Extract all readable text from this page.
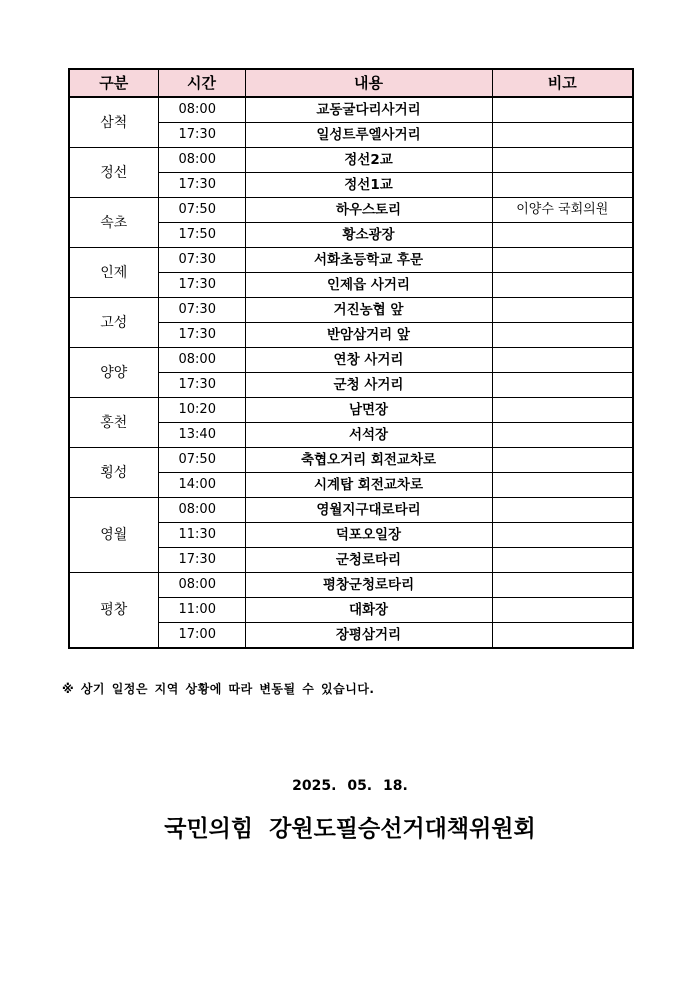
구분	시간	내용	비고
삼척	08:00	교동굴다리사거리	
	17:30	일성트루엘사거리	
정선	08:00	정선2교	
	17:30	정선1교	
속초	07:50	하우스토리	이양수 국회의원
	17:50	황소광장	
인제	07:30	서화초등학교 후문	
	17:30	인제읍 사거리	
고성	07:30	거진농협 앞	
	17:30	반암삼거리 앞	
양양	08:00	연창 사거리	
	17:30	군청 사거리	
홍천	10:20	남면장	
	13:40	서석장	
횡성	07:50	축협오거리 회전교차로	
	14:00	시계탑 회전교차로	
영월	08:00	영월지구대로타리	
	11:30	덕포오일장	
	17:30	군청로타리	
평창	08:00	평창군청로타리	
	11:00	대화장	
	17:00	장평삼거리	
※ 상기 일정은 지역 상황에 따라 변동될 수 있습니다.
2025. 05. 18.
국민의힘 강원도필승선거대책위원회
